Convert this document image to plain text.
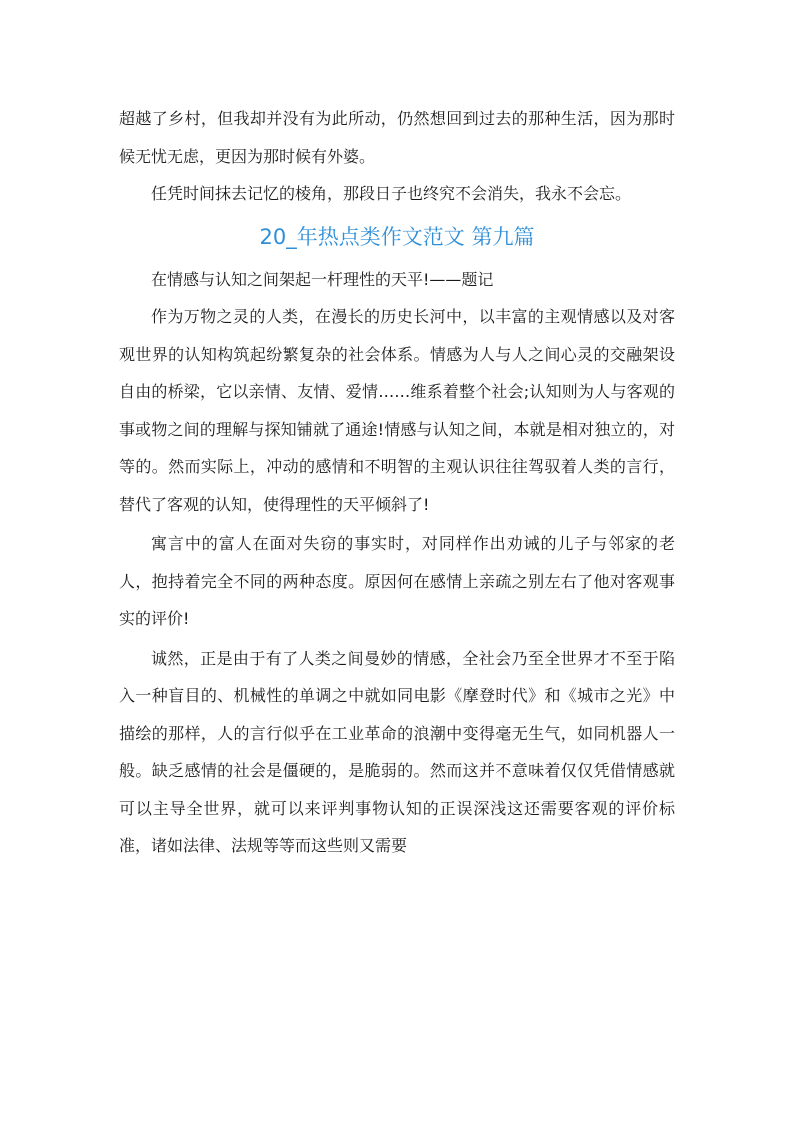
超越了乡村，但我却并没有为此所动，仍然想回到过去的那种生活，因为那时候无忧无虑，更因为那时候有外婆。

任凭时间抹去记忆的棱角，那段日子也终究不会消失，我永不会忘。

20_年热点类作文范文 第九篇

在情感与认知之间架起一杆理性的天平!——题记

作为万物之灵的人类，在漫长的历史长河中，以丰富的主观情感以及对客观世界的认知构筑起纷繁复杂的社会体系。情感为人与人之间心灵的交融架设自由的桥梁，它以亲情、友情、爱情……维系着整个社会;认知则为人与客观的事或物之间的理解与探知铺就了通途!情感与认知之间，本就是相对独立的，对等的。然而实际上，冲动的感情和不明智的主观认识往往驾驭着人类的言行，替代了客观的认知，使得理性的天平倾斜了!

寓言中的富人在面对失窃的事实时，对同样作出劝诫的儿子与邻家的老人，抱持着完全不同的两种态度。原因何在感情上亲疏之别左右了他对客观事实的评价!

诚然，正是由于有了人类之间曼妙的情感，全社会乃至全世界才不至于陷入一种盲目的、机械性的单调之中就如同电影《摩登时代》和《城市之光》中描绘的那样，人的言行似乎在工业革命的浪潮中变得毫无生气，如同机器人一般。缺乏感情的社会是僵硬的，是脆弱的。然而这并不意味着仅仅凭借情感就可以主导全世界，就可以来评判事物认知的正误深浅这还需要客观的评价标准，诸如法律、法规等等而这些则又需要
